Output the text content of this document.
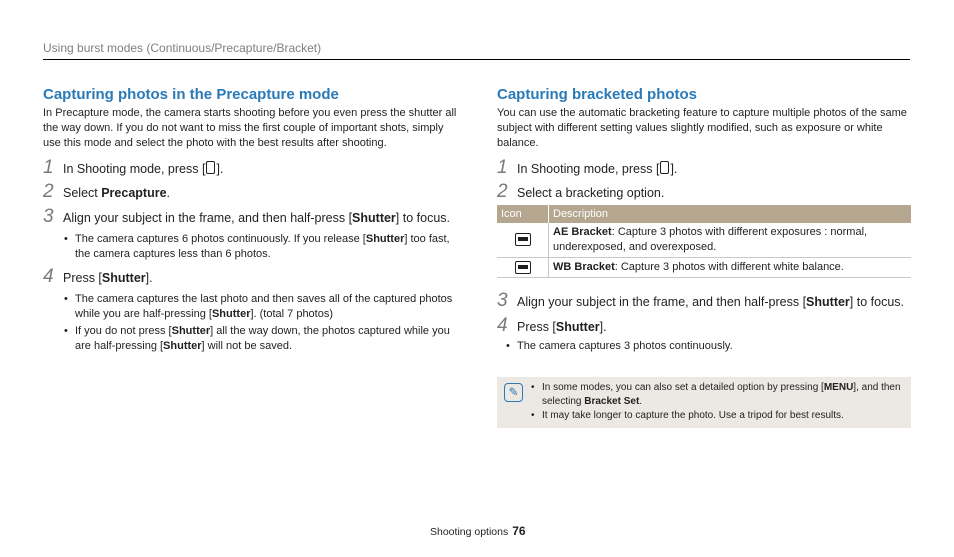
Using burst modes (Continuous/Precapture/Bracket)
Capturing photos in the Precapture mode
In Precapture mode, the camera starts shooting before you even press the shutter all the way down. If you do not want to miss the first couple of important shots, simply use this mode and select the photo with the best results after shooting.
1 In Shooting mode, press [ ].
2 Select Precapture.
3 Align your subject in the frame, and then half-press [Shutter] to focus.
• The camera captures 6 photos continuously. If you release [Shutter] too fast, the camera captures less than 6 photos.
4 Press [Shutter].
• The camera captures the last photo and then saves all of the captured photos while you are half-pressing [Shutter]. (total 7 photos)
• If you do not press [Shutter] all the way down, the photos captured while you are half-pressing [Shutter] will not be saved.
Capturing bracketed photos
You can use the automatic bracketing feature to capture multiple photos of the same subject with different setting values slightly modified, such as exposure or white balance.
1 In Shooting mode, press [ ].
2 Select a bracketing option.
Icon	Description
	AE Bracket: Capture 3 photos with different exposures : normal, underexposed, and overexposed.
	WB Bracket: Capture 3 photos with different white balance.
3 Align your subject in the frame, and then half-press [Shutter] to focus.
4 Press [Shutter].
• The camera captures 3 photos continuously.
✎	• In some modes, you can also set a detailed option by pressing [MENU], and then selecting Bracket Set.
• It may take longer to capture the photo. Use a tripod for best results.
Shooting options 76
